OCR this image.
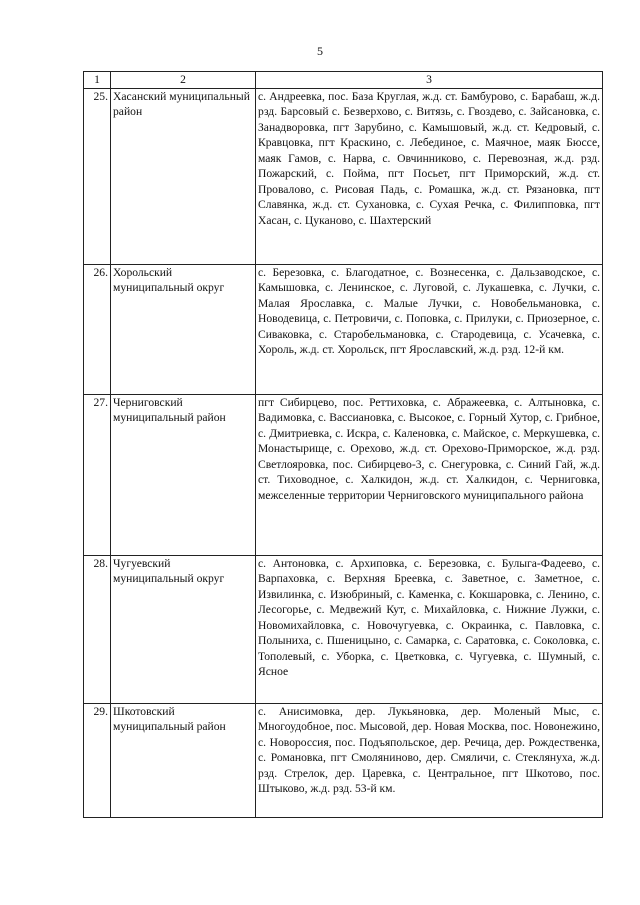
5
1	2	3
25.	Хасанский муниципальный район	с. Андреевка, пос. База Круглая, ж.д. ст. Бамбурово, с. Барабаш, ж.д. рзд. Барсовый с. Безверхово, с. Витязь, с. Гвоздево, с. Зайсановка, с. Занадворовка, пгт Зарубино, с. Камышовый, ж.д. ст. Кедровый, с. Кравцовка, пгт Краскино, с. Лебединое, с. Маячное, маяк Бюссе, маяк Гамов, с. Нарва, с. Овчинниково, с. Перевозная, ж.д. рзд. Пожарский, с. Пойма, пгт Посьет, пгт Приморский, ж.д. ст. Провалово, с. Рисовая Падь, с. Ромашка, ж.д. ст. Рязановка, пгт Славянка, ж.д. ст. Сухановка, с. Сухая Речка, с. Филипповка, пгт Хасан, с. Цуканово, с. Шахтерский
26.	Хорольский муниципальный округ	с. Березовка, с. Благодатное, с. Вознесенка, с. Дальзаводское, с. Камышовка, с. Ленинское, с. Луговой, с. Лукашевка, с. Лучки, с. Малая Ярославка, с. Малые Лучки, с. Новобельмановка, с. Новодевица, с. Петровичи, с. Поповка, с. Прилуки, с. Приозерное, с. Сиваковка, с. Старобельмановка, с. Стародевица, с. Усачевка, с. Хороль, ж.д. ст. Хорольск, пгт Ярославский, ж.д. рзд. 12-й км.
27.	Черниговский муниципальный район	пгт Сибирцево, пос. Реттиховка, с. Абражеевка, с. Алтыновка, с. Вадимовка, с. Вассиановка, с. Высокое, с. Горный Хутор, с. Грибное, с. Дмитриевка, с. Искра, с. Каленовка, с. Майское, с. Меркушевка, с. Монастырище, с. Орехово, ж.д. ст. Орехово-Приморское, ж.д. рзд. Светлояровка, пос. Сибирцево-3, с. Снегуровка, с. Синий Гай, ж.д. ст. Тиховодное, с. Халкидон, ж.д. ст. Халкидон, с. Черниговка, межселенные территории Черниговского муниципального района
28.	Чугуевский муниципальный округ	с. Антоновка, с. Архиповка, с. Березовка, с. Булыга-Фадеево, с. Варпаховка, с. Верхняя Бреевка, с. Заветное, с. Заметное, с. Извилинка, с. Изюбриный, с. Каменка, с. Кокшаровка, с. Ленино, с. Лесогорье, с. Медвежий Кут, с. Михайловка, с. Нижние Лужки, с. Новомихайловка, с. Новочугуевка, с. Окраинка, с. Павловка, с. Полыниха, с. Пшеницыно, с. Самарка, с. Саратовка, с. Соколовка, с. Тополевый, с. Уборка, с. Цветковка, с. Чугуевка, с. Шумный, с. Ясное
29.	Шкотовский муниципальный район	с. Анисимовка, дер. Лукьяновка, дер. Моленый Мыс, с. Многоудобное, пос. Мысовой, дер. Новая Москва, пос. Новонежино, с. Новороссия, пос. Подъяпольское, дер. Речица, дер. Рождественка, с. Романовка, пгт Смоляниново, дер. Смяличи, с. Стеклянуха, ж.д. рзд. Стрелок, дер. Царевка, с. Центральное, пгт Шкотово, пос. Штыково, ж.д. рзд. 53-й км.
